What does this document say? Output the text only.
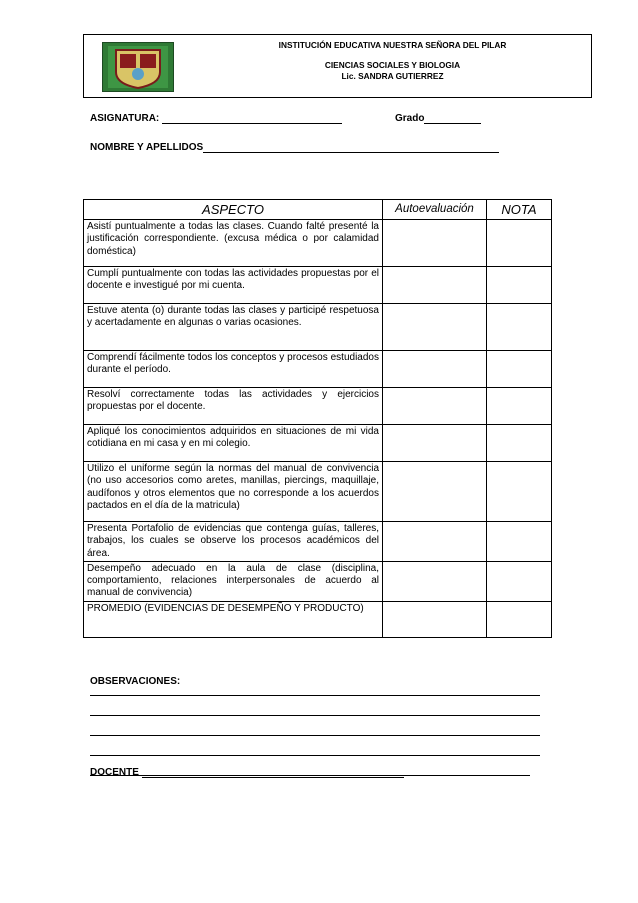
INSTITUCIÓN EDUCATIVA NUESTRA SEÑORA DEL PILAR
CIENCIAS SOCIALES Y BIOLOGIA
Lic. SANDRA GUTIERREZ
ASIGNATURA:	Grado
NOMBRE Y APELLIDOS
ASPECTO	Autoevaluación	NOTA
Asistí puntualmente a todas las clases. Cuando falté presenté la justificación correspondiente. (excusa médica o por calamidad doméstica)		
Cumplí puntualmente con todas las actividades propuestas por el docente e investigué por mi cuenta.		
Estuve atenta (o) durante todas las clases y participé respetuosa y acertadamente en algunas o varias ocasiones.		
Comprendí fácilmente todos los conceptos y procesos estudiados durante el período.		
Resolví correctamente todas las actividades y ejercicios propuestas por el docente.		
Apliqué los conocimientos adquiridos en situaciones de mi vida cotidiana en mi casa y en mi colegio.		
Utilizo el uniforme según la normas del manual de convivencia (no uso accesorios como aretes, manillas, piercings, maquillaje, audífonos y otros elementos que no corresponde a los acuerdos pactados en el día de la matricula)		
Presenta Portafolio de evidencias que contenga guías, talleres, trabajos, los cuales se observe los procesos académicos del área.		
Desempeño adecuado en la aula de clase (disciplina, comportamiento, relaciones interpersonales de acuerdo al manual de convivencia)		
PROMEDIO (EVIDENCIAS DE DESEMPEÑO Y PRODUCTO)		
OBSERVACIONES:
DOCENTE
